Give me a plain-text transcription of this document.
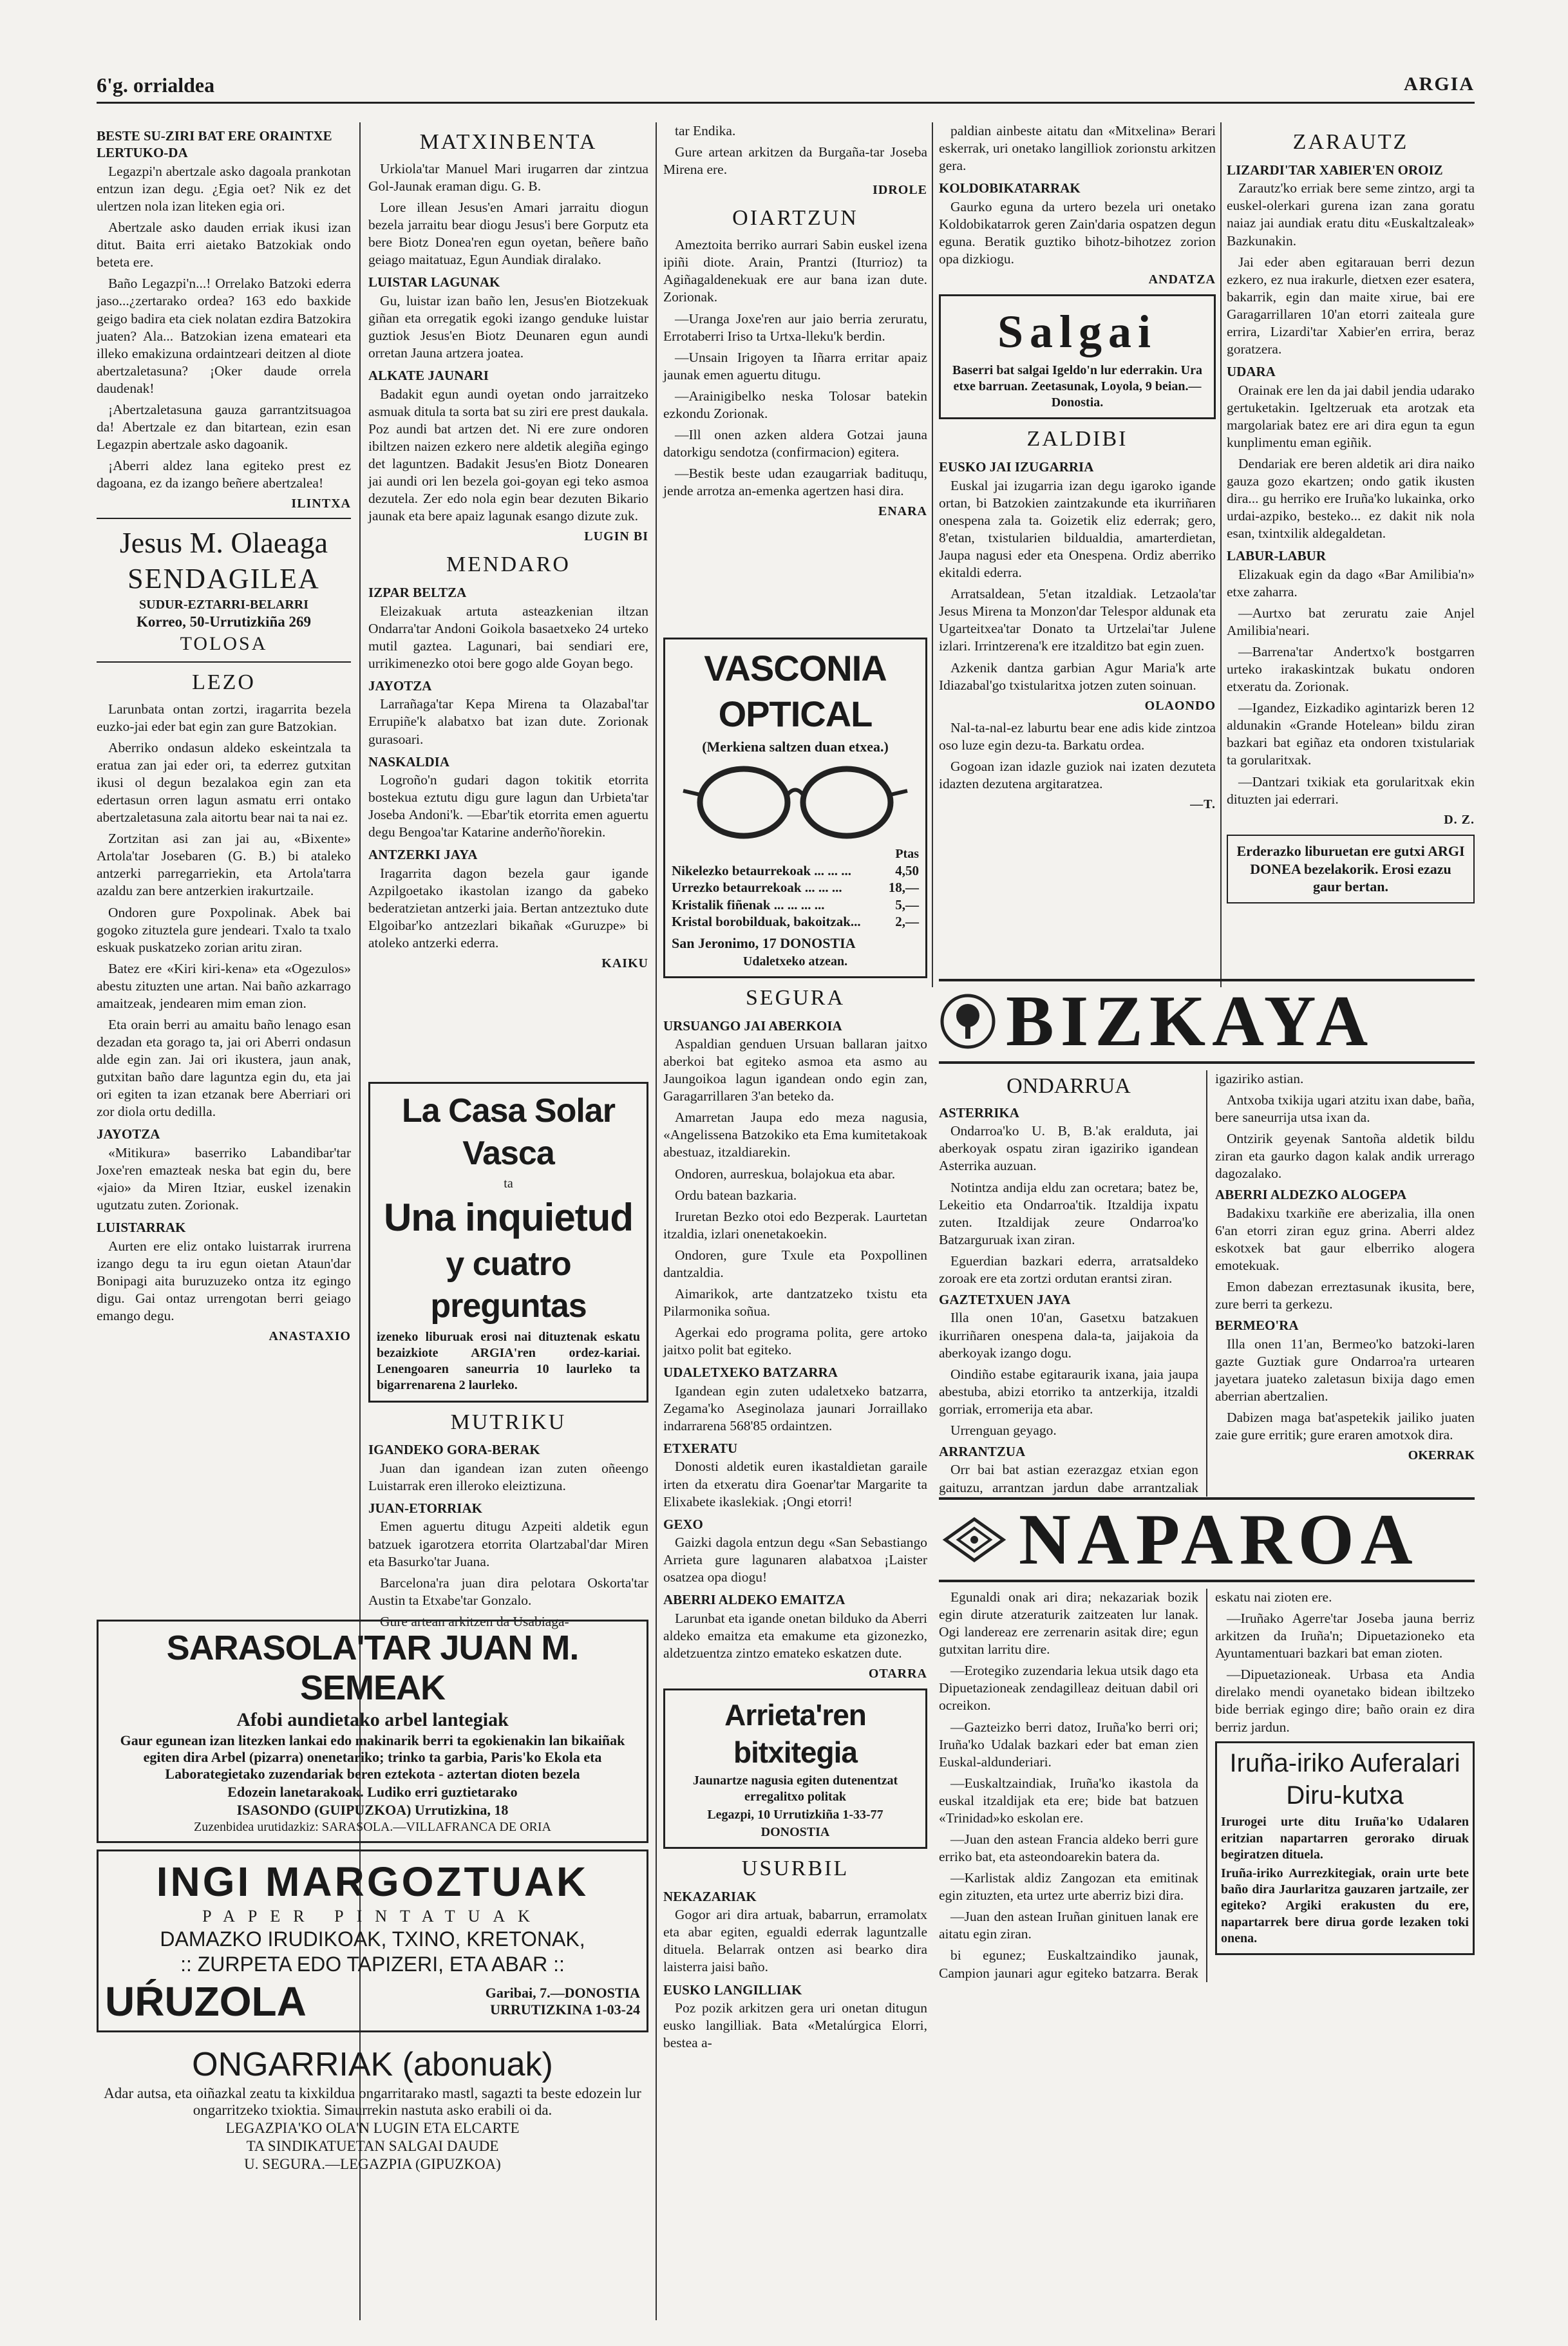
6'g. orrialdea	ARGIA
BESTE SU-ZIRI BAT ERE ORAINTXE LERTUKO-DA

Legazpi'n abertzale asko dagoala prankotan entzun izan degu. ¿Egia oet? Nik ez det ulertzen nola izan liteken egia ori.

Abertzale asko dauden erriak ikusi izan ditut. Baita erri aietako Batzokiak ondo beteta ere.

Baño Legazpi'n...! Orrelako Batzoki ederra jaso...¿zertarako ordea? 163 edo baxkide geigo badira eta ciek nolatan ezdira Batzokira juaten? Ala... Batzokian izena emateari eta illeko emakizuna ordaintzeari deitzen al diote abertzaletasuna? ¡Oker daude orrela daudenak!

¡Abertzaletasuna gauza garrantzitsuagoa da! Abertzale ez dan bitartean, ezin esan Legazpin abertzale asko dagoanik.

¡Aberri aldez lana egiteko prest ez dagoana, ez da izango beñere abertzalea!

ILINTXA
Jesus M. Olaeaga
SENDAGILEA
SUDUR-EZTARRI-BELARRI
Korreo, 50-Urrutizkiña 269
TOLOSA
LEZO

Larunbata ontan zortzi, iragarrita bezela euzko-jai eder bat egin zan gure Batzokian.

Aberriko ondasun aldeko eskeintzala ta eratua zan jai eder ori, ta ederrez gutxitan ikusi ol degun bezalakoa egin zan eta edertasun orren lagun asmatu erri ontako abertzaletasuna zala aitortu bear nai ta nai ez.

Zortzitan asi zan jai au, «Bixente» Artola'tar Josebaren (G. B.) bi ataleko antzerki parregarriekin, eta Artola'tarra azaldu zan bere antzerkien irakurtzaile.

Ondoren gure Poxpolinak. Abek bai gogoko zituztela gure jendeari. Txalo ta txalo eskuak puskatzeko zorian aritu ziran.

Batez ere «Kiri kiri-kena» eta «Ogezulos» abestu zituzten une artan. Nai baño azkarrago amaitzeak, jendearen mim eman zion.

Eta orain berri au amaitu baño lenago esan dezadan eta gorago ta, jai ori Aberri ondasun alde egin zan. Jai ori ikustera, jaun anak, gutxitan baño dare laguntza egin du, eta jai ori egiten ta izan etzanak bere Aberriari ori zor diola ortu dedilla.

JAYOTZA

«Mitikura» baserriko Labandibar'tar Joxe'ren emazteak neska bat egin du, bere «jaio» da Miren Itziar, euskel izenakin ugutzatu zuten. Zorionak.

LUISTARRAK

Aurten ere eliz ontako luistarrak irurrena izango degu ta iru egun oietan Ataun'dar Bonipagi aita buruzuzeko ontza itz egingo digu. Gai ontaz urrengotan berri geiago emango degu.

ANASTAXIO
MATXINBENTA

Urkiola'tar Manuel Mari irugarren dar zintzua Gol-Jaunak eraman digu. G. B.

Lore illean Jesus'en Amari jarraitu diogun bezela jarraitu bear diogu Jesus'i bere Gorputz eta bere Biotz Donea'ren egun oyetan, beñere baño geiago maitatuaz, Egun Aundiak diralako.

LUISTAR LAGUNAK

Gu, luistar izan baño len, Jesus'en Biotzekuak giñan eta orregatik egoki izango genduke luistar guztiok Jesus'en Biotz Deunaren egun aundi orretan Jauna artzera joatea.

ALKATE JAUNARI

Badakit egun aundi oyetan ondo jarraitzeko asmuak ditula ta sorta bat su ziri ere prest daukala. Poz aundi bat artzen det. Ni ere zure ondoren ibiltzen naizen ezkero nere aldetik alegiña egingo det laguntzen. Badakit Jesus'en Biotz Donearen jai aundi ori len bezela goi-goyan egi teko asmoa dezutela. Zer edo nola egin bear dezuten Bikario jaunak eta bere apaiz lagunak esango dizute zuk.

LUGIN BI
MENDARO
IZPAR BELTZA

Eleizakuak artuta asteazkenian iltzan Ondarra'tar Andoni Goikola basaetxeko 24 urteko mutil gaztea. Lagunari, bai sendiari ere, urrikimenezko otoi bere gogo alde Goyan bego.

JAYOTZA

Larrañaga'tar Kepa Mirena ta Olazabal'tar Errupiñe'k alabatxo bat izan dute. Zorionak gurasoari.

NASKALDIA

Logroño'n gudari dagon tokitik etorrita bostekua eztutu digu gure lagun dan Urbieta'tar Joseba Andoni'k. —Ebar'tik etorrita emen aguertu degu Bengoa'tar Katarine anderño'ñorekin.

ANTZERKI JAYA

Iragarrita dagon bezela gaur igande Azpilgoetako ikastolan izango da gabeko bederatzietan antzerki jaia. Bertan antzeztuko dute Elgoibar'ko antzezlari bikañak «Guruzpe» bi atoleko antzerki ederra.

KAIKU

La Casa Solar Vasca

ta

Una inquietud

y cuatro preguntas

izeneko liburuak erosi nai dituztenak eskatu bezaizkiote ARGIA'ren ordez-kariai. Lenengoaren saneurria 10 laurleko ta bigarrenarena 2 laurleko.

MUTRIKU
IGANDEKO GORA-BERAK

Juan dan igandean izan zuten oñeengo Luistarrak eren illeroko eleiztizuna.

JUAN-ETORRIAK

Emen aguertu ditugu Azpeiti aldetik egun batzuek igarotzera etorrita Olartzabal'dar Miren eta Basurko'tar Juana.

Barcelona'ra juan dira pelotara Oskorta'tar Austin ta Etxabe'tar Gonzalo.

Gure artean arkitzen da Usabiaga-

SARASOLA'TAR JUAN M. SEMEAK

Afobi aundietako arbel lantegiak

Gaur egunean izan litezken lankai edo makinarik berri ta egokienakin lan bikaiñak egiten dira Arbel (pizarra) onenetariko; trinko ta garbia, Paris'ko Ekola eta Laborategietako zuzendariak beren eztekota - aztertan dioten bezela

Edozein lanetarakoak. Ludiko erri guztietarako

ISASONDO (GUIPUZKOA) Urrutizkina, 18

Zuzenbidea urutidazkiz: SARASOLA.—VILLAFRANCA DE ORIA

INGI MARGOZTUAK

PAPER PINTATUAK

DAMAZKO IRUDIKOAK, TXINO, KRETONAK,

:: ZURPETA EDO TAPIZERI, ETA ABAR ::

UŔUZOLA	Garibai, 7.—DONOSTIA
URRUTIZKINA 1-03-24

ONGARRIAK (abonuak)

Adar autsa, eta oiñazkal zeatu ta kixkildua ongarritarako mastl, sagazti ta beste edozein lur ongarritzeko txioktia. Simaurrekin nastuta asko erabili oi da.

LEGAZPIA'KO OLA'N LUGIN ETA ELCARTE

TA SINDIKATUETAN SALGAI DAUDE

U. SEGURA.—LEGAZPIA (GIPUZKOA)

tar Endika.

Gure artean arkitzen da Burgaña-tar Joseba Mirena ere.

IDROLE
OIARTZUN

Ameztoita berriko aurrari Sabin euskel izena ipiñi diote. Arain, Prantzi (Iturrioz) ta Agiñagaldenekuak ere aur bana izan dute. Zorionak.

—Uranga Joxe'ren aur jaio berria zeruratu, Errotaberri Iriso ta Urtxa-lleku'k berdin.

—Unsain Irigoyen ta Iñarra erritar apaiz jaunak emen aguertu ditugu.

—Arainigibelko neska Tolosar batekin ezkondu Zorionak.

—Ill onen azken aldera Gotzai jauna datorkigu sendotza (confirmacion) egitera.

—Bestik beste udan ezaugarriak badituqu, jende arrotza an-emenka agertzen hasi dira.

ENARA

VASCONIA OPTICAL

(Merkiena saltzen duan etxea.)

Ptas
Nikelezko betaurrekoak ... ... ...	4,50
Urrezko betaurrekoak ... ... ...	18,—
Kristalik fiñenak ... ... ... ...	5,—
Kristal borobilduak, bakoitzak...	2,—
San Jeronimo, 17 DONOSTIA

Udaletxeko atzean.

SEGURA
URSUANGO JAI ABERKOIA

Aspaldian genduen Ursuan ballaran jaitxo aberkoi bat egiteko asmoa eta asmo au Jaungoikoa lagun igandean ondo egin zan, Garagarrillaren 3'an beteko da.

Amarretan Jaupa edo meza nagusia, «Angelissena Batzokiko eta Ema kumitetakoak abestuaz, itzaldiarekin.

Ondoren, aurreskua, bolajokua eta abar.

Ordu batean bazkaria.

Iruretan Bezko otoi edo Bezperak. Laurtetan itzaldia, izlari onenetakoekin.

Ondoren, gure Txule eta Poxpollinen dantzaldia.

Aimarikok, arte dantzatzeko txistu eta Pilarmonika soñua.

Agerkai edo programa polita, gere artoko jaitxo polit bat egiteko.

UDALETXEKO BATZARRA

Igandean egin zuten udaletxeko batzarra, Zegama'ko Aseginolaza jaunari Jorraillako indarrarena 568'85 ordaintzen.

ETXERATU

Donosti aldetik euren ikastaldietan garaile irten da etxeratu dira Goenar'tar Margarite ta Elixabete ikaslekiak. ¡Ongi etorri!

GEXO

Gaizki dagola entzun degu «San Sebastiango Arrieta gure lagunaren alabatxoa ¡Laister osatzea opa diogu!

ABERRI ALDEKO EMAITZA

Larunbat eta igande onetan bilduko da Aberri aldeko emaitza eta emakume eta gizonezko, aldetzuentza zintzo emateko eskatzen dute.

OTARRA

Arrieta'ren bitxitegia

Jaunartze nagusia egiten dutenentzat erregalitxo politak

Legazpi, 10 Urrutizkiña 1-33-77

DONOSTIA

USURBIL
NEKAZARIAK

Gogor ari dira artuak, babarrun, erramolatx eta abar egiten, egualdi ederrak laguntzalle dituela. Belarrak ontzen asi bearko dira laisterra jaisi baño.

EUSKO LANGILLIAK

Poz pozik arkitzen gera uri onetan ditugun eusko langilliak. Bata «Metalúrgica Elorri, bestea a-

paldian ainbeste aitatu dan «Mitxelina» Berari eskerrak, uri onetako langilliok zorionstu arkitzen gera.

KOLDOBIKATARRAK

Gaurko eguna da urtero bezela uri onetako Koldobikatarrok geren Zain'daria ospatzen degun eguna. Beratik guztiko bihotz-bihotzez zorion opa dizkiogu.

ANDATZA

Salgai

Baserri bat salgai Igeldo'n lur ederrakin. Ura etxe barruan. Zeetasunak, Loyola, 9 beian.—Donostia.

ZALDIBI
EUSKO JAI IZUGARRIA

Euskal jai izugarria izan degu igaroko igande ortan, bi Batzokien zaintzakunde eta ikurriñaren onespena zala ta. Goizetik eliz ederrak; gero, 8'etan, txistularien bildualdia, amarterdietan, Jaupa nagusi eder eta Onespena. Ordiz aberriko ekitaldi ederra.

Arratsaldean, 5'etan itzaldiak. Letzaola'tar Jesus Mirena ta Monzon'dar Telespor aldunak eta Ugarteitxea'tar Donato ta Urtzelai'tar Julene izlari. Irrintzerena'k ere itzalditzo bat egin zuen.

Azkenik dantza garbian Agur Maria'k arte Idiazabal'go txistularitxa jotzen zuten soinuan.

OLAONDO

Nal-ta-nal-ez laburtu bear ene adis kide zintzoa oso luze egin dezu-ta. Barkatu ordea.

Gogoan izan idazle guziok nai izaten dezuteta idazten dezutena argitaratzea.

—T.
ZARAUTZ
LIZARDI'TAR XABIER'EN OROIZ

Zarautz'ko erriak bere seme zintzo, argi ta euskel-olerkari gurena izan zana goratu naiaz jai aundiak eratu ditu «Euskaltzaleak» Bazkunakin.

Jai eder aben egitarauan berri dezun ezkero, ez nua irakurle, dietxen ezer esatera, bakarrik, egin dan maite xirue, bai ere Garagarrillaren 10'an etorri zaiteala gure errira, Lizardi'tar Xabier'en errira, beraz goratzera.

UDARA

Orainak ere len da jai dabil jendia udarako gertuketakin. Igeltzeruak eta arotzak eta margolariak batez ere ari dira egun ta egun kunplimentu eman egiñik.

Dendariak ere beren aldetik ari dira naiko gauza gozo ekartzen; ondo gatik ikusten dira... gu herriko ere Iruña'ko lukainka, orko urdai-azpiko, besteko... ez dakit nik nola esan, txintxilik aldegaldetan.

LABUR-LABUR

Elizakuak egin da dago «Bar Amilibia'n» etxe zaharra.

—Aurtxo bat zeruratu zaie Anjel Amilibia'neari.

—Barrena'tar Andertxo'k bostgarren urteko irakaskintzak bukatu ondoren etxeratu da. Zorionak.

—Igandez, Eizkadiko agintarizk beren 12 aldunakin «Grande Hotelean» bildu ziran bazkari bat egiñaz eta ondoren txistulariak ta gorularitxak.

—Dantzari txikiak eta gorularitxak ekin dituzten jai ederrari.

D. Z.

Erderazko liburuetan ere gutxi ARGI DONEA bezelakorik. Erosi ezazu gaur bertan.

BIZKAYA
ONDARRUA
ASTERRIKA

Ondarroa'ko U. B, B.'ak eralduta, jai aberkoyak ospatu ziran igaziriko igandean Asterrika auzuan.

Notintza andija eldu zan ocretara; batez be, Lekeitio eta Ondarroa'tik. Itzaldija ixpatu zuten. Itzaldijak zeure Ondarroa'ko Batzarguruak ixan ziran.

Eguerdian bazkari ederra, arratsaldeko zoroak ere eta zortzi ordutan erantsi ziran.

GAZTETXUEN JAYA

Illa onen 10'an, Gasetxu batzakuen ikurriñaren onespena dala-ta, jaijakoia da aberkoyak izango dogu.

Oindiño estabe egitaraurik ixana, jaia jaupa abestuba, abizi etorriko ta antzerkija, itzaldi gorriak, erromerija eta abar.

Urrenguan geyago.

ARRANTZUA

Orr bai bat astian ezerazgaz etxian egon gaituzu, arrantzan jardun dabe arrantzaliak igaziriko astian.

Antxoba txikija ugari atzitu ixan dabe, baña, bere saneurrija utsa ixan da.

Ontzirik geyenak Santoña aldetik bildu ziran eta gaurko dagon kalak andik urrerago dagozalako.

ABERRI ALDEZKO ALOGEPA

Badakixu txarkiñe ere aberizalia, illa onen 6'an etorri ziran eguz grina. Aberri aldez eskotxek bat gaur elberriko alogera emotekuak.

Emon dabezan erreztasunak ikusita, bere, zure berri ta gerkezu.

BERMEO'RA

Illa onen 11'an, Bermeo'ko batzoki-laren gazte Guztiak gure Ondarroa'ra urtearen jayetara juateko zaletasun bixija dago emen aberrian abertzalien.

Dabizen maga bat'aspetekik jailiko juaten zaie gure erritik; gure eraren amotxok dira.

OKERRAK
NAPAROA

Egunaldi onak ari dira; nekazariak bozik egin dirute atzeraturik zaitzeaten lur lanak. Ogi landereaz ere zerrenarin asitak dire; egun gutxitan larritu dire.

—Erotegiko zuzendaria lekua utsik dago eta Dipuetazioneak zendagilleaz deituan dabil ori ocreikon.

—Gazteizko berri datoz, Iruña'ko berri ori; Iruña'ko Udalak bazkari eder bat eman zien Euskal-aldunderiari.

—Euskaltzaindiak, Iruña'ko ikastola da euskal itzaldijak eta ere; bide bat batzuen «Trinidad»ko eskolan ere.

—Juan den astean Francia aldeko berri gure erriko bat, eta asteondoarekin batera da.

—Karlistak aldiz Zangozan eta emitinak egin zituzten, eta urtez urte aberriz bizi dira.

—Juan den astean Iruñan ginituen lanak ere aitatu egin ziran.

bi egunez; Euskaltzaindiko jaunak, Campion jaunari agur egiteko batzarra. Berak eskatu nai zioten ere.

—Iruñako Agerre'tar Joseba jauna berriz arkitzen da Iruña'n; Dipuetazioneko eta Ayuntamentuari bazkari bat eman zioten.

—Dipuetazioneak. Urbasa eta Andia direlako mendi oyanetako bidean ibiltzeko bide berriak egingo dire; baño orain ez dira berriz jardun.

Iruña-iriko Auferalari
Diru-kutxa

Irurogei urte ditu Iruña'ko Udalaren eritzian napartarren gerorako diruak begiratzen dituela.

Iruña-iriko Aurrezkitegiak, orain urte bete baño dira Jaurlaritza gauzaren jartzaile, zer egiteko? Argiki erakusten du ere, napartarrek bere dirua gorde lezaken toki onena.
